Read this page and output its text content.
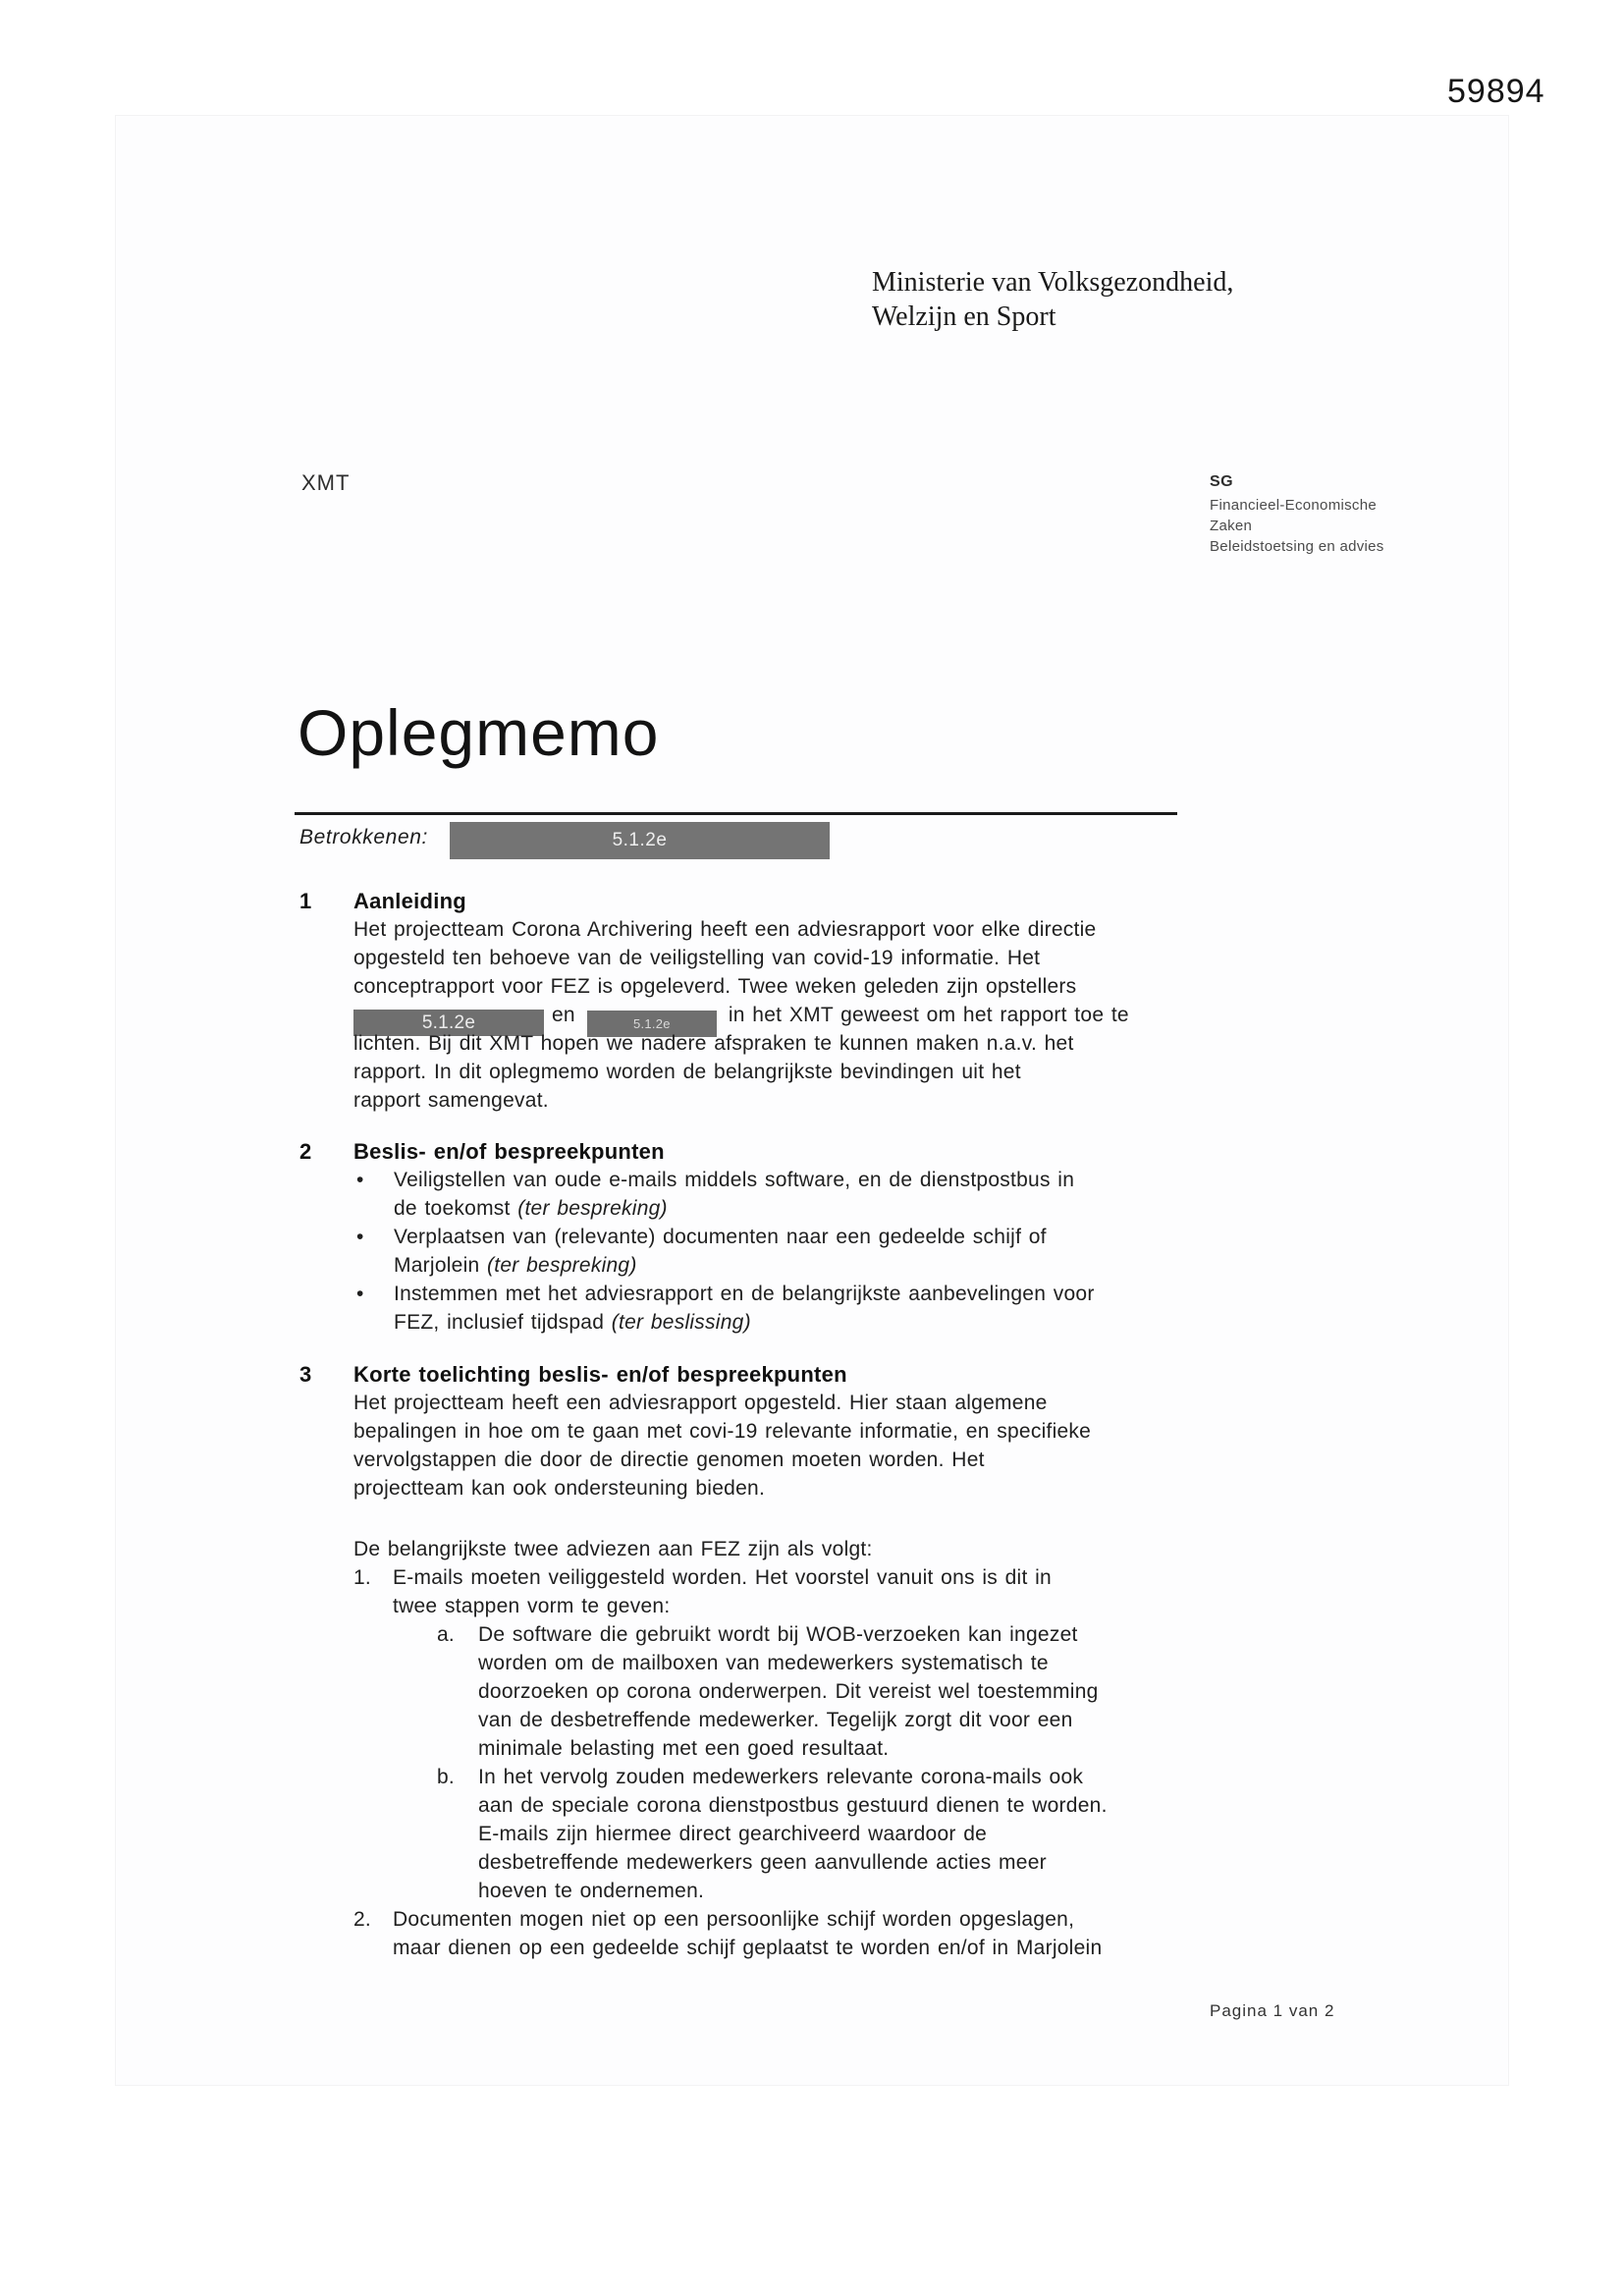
59894
Ministerie van Volksgezondheid,
Welzijn en Sport
XMT	SG
Financieel-Economische
Zaken
Beleidstoetsing en advies
Oplegmemo
Betrokkenen:	5.1.2e
1	Aanleiding
Het projectteam Corona Archivering heeft een adviesrapport voor elke directie
opgesteld ten behoeve van de veiligstelling van covid-19 informatie. Het
conceptrapport voor FEZ is opgeleverd. Twee weken geleden zijn opstellers
5.1.2e	en	5.1.2e	in het XMT geweest om het rapport toe te
lichten. Bij dit XMT hopen we nadere afspraken te kunnen maken n.a.v. het
rapport. In dit oplegmemo worden de belangrijkste bevindingen uit het
rapport samengevat.
2	Beslis- en/of bespreekpunten
•	Veiligstellen van oude e-mails middels software, en de dienstpostbus in
de toekomst (ter bespreking)
•	Verplaatsen van (relevante) documenten naar een gedeelde schijf of
Marjolein (ter bespreking)
•	Instemmen met het adviesrapport en de belangrijkste aanbevelingen voor
FEZ, inclusief tijdspad (ter beslissing)
3	Korte toelichting beslis- en/of bespreekpunten
Het projectteam heeft een adviesrapport opgesteld. Hier staan algemene
bepalingen in hoe om te gaan met covi-19 relevante informatie, en specifieke
vervolgstappen die door de directie genomen moeten worden. Het
projectteam kan ook ondersteuning bieden.
De belangrijkste twee adviezen aan FEZ zijn als volgt:
1.	E-mails moeten veiliggesteld worden. Het voorstel vanuit ons is dit in
twee stappen vorm te geven:
a.	De software die gebruikt wordt bij WOB-verzoeken kan ingezet
worden om de mailboxen van medewerkers systematisch te
doorzoeken op corona onderwerpen. Dit vereist wel toestemming
van de desbetreffende medewerker. Tegelijk zorgt dit voor een
minimale belasting met een goed resultaat.
b.	In het vervolg zouden medewerkers relevante corona-mails ook
aan de speciale corona dienstpostbus gestuurd dienen te worden.
E-mails zijn hiermee direct gearchiveerd waardoor de
desbetreffende medewerkers geen aanvullende acties meer
hoeven te ondernemen.
2.	Documenten mogen niet op een persoonlijke schijf worden opgeslagen,
maar dienen op een gedeelde schijf geplaatst te worden en/of in Marjolein
Pagina 1 van 2
